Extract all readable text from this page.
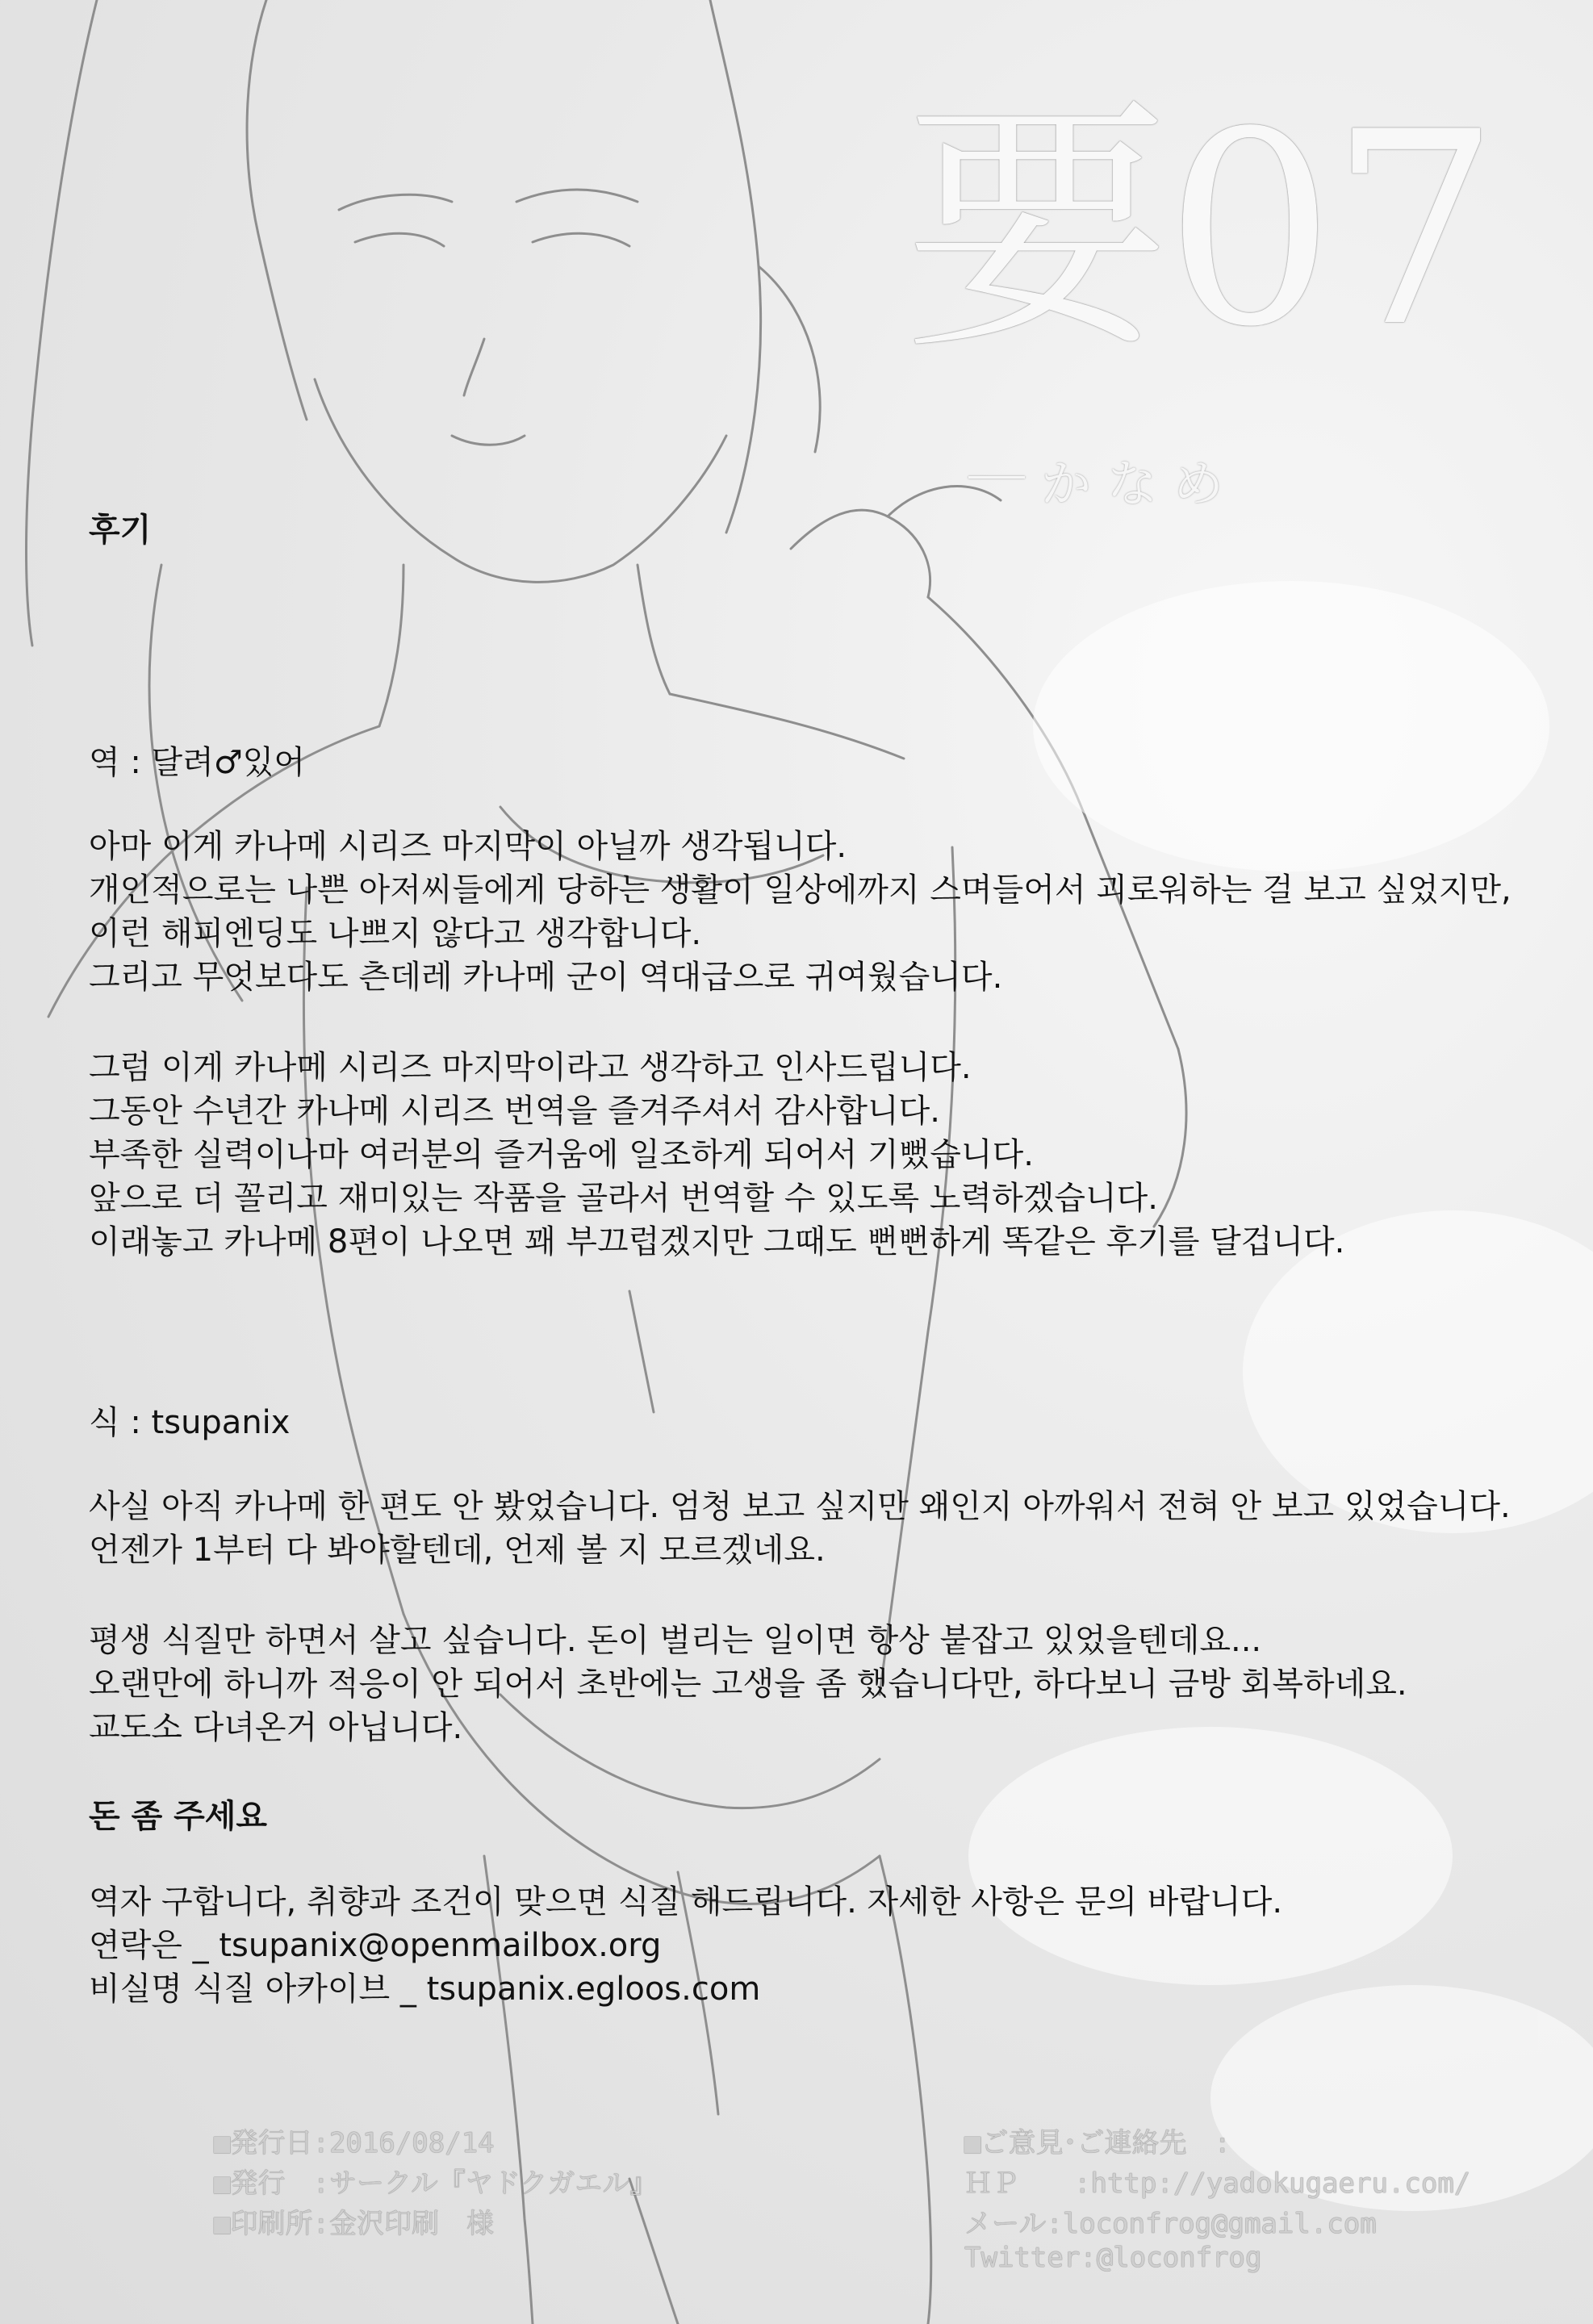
要07
かなめ
후기
역 : 달려♂있어
아마 이게 카나메 시리즈 마지막이 아닐까 생각됩니다.
개인적으로는 나쁜 아저씨들에게 당하는 생활이 일상에까지 스며들어서 괴로워하는 걸 보고 싶었지만,
이런 해피엔딩도 나쁘지 않다고 생각합니다.
그리고 무엇보다도 츤데레 카나메 군이 역대급으로 귀여웠습니다.
그럼 이게 카나메 시리즈 마지막이라고 생각하고 인사드립니다.
그동안 수년간 카나메 시리즈 번역을 즐겨주셔서 감사합니다.
부족한 실력이나마 여러분의 즐거움에 일조하게 되어서 기뻤습니다.
앞으로 더 꼴리고 재미있는 작품을 골라서 번역할 수 있도록 노력하겠습니다.
이래놓고 카나메 8편이 나오면 꽤 부끄럽겠지만 그때도 뻔뻔하게 똑같은 후기를 달겁니다.
식 : tsupanix
사실 아직 카나메 한 편도 안 봤었습니다. 엄청 보고 싶지만 왜인지 아까워서 전혀 안 보고 있었습니다.
언젠가 1부터 다 봐야할텐데, 언제 볼 지 모르겠네요.
평생 식질만 하면서 살고 싶습니다. 돈이 벌리는 일이면 항상 붙잡고 있었을텐데요...
오랜만에 하니까 적응이 안 되어서 초반에는 고생을 좀 했습니다만, 하다보니 금방 회복하네요.
교도소 다녀온거 아닙니다.
돈 좀 주세요
역자 구합니다, 취향과 조건이 맞으면 식질 해드립니다. 자세한 사항은 문의 바랍니다.
연락은 _ tsupanix@openmailbox.org
비실명 식질 아카이브 _ tsupanix.egloos.com
■発行日:2016/08/14
■発行　:サークル『ヤドクガエル』
■印刷所:金沢印刷　様
■ご意見･ご連絡先　:
ＨＰ　　:http://yadokugaeru.com/
メール:loconfrog@gmail.com
Twitter:@loconfrog
